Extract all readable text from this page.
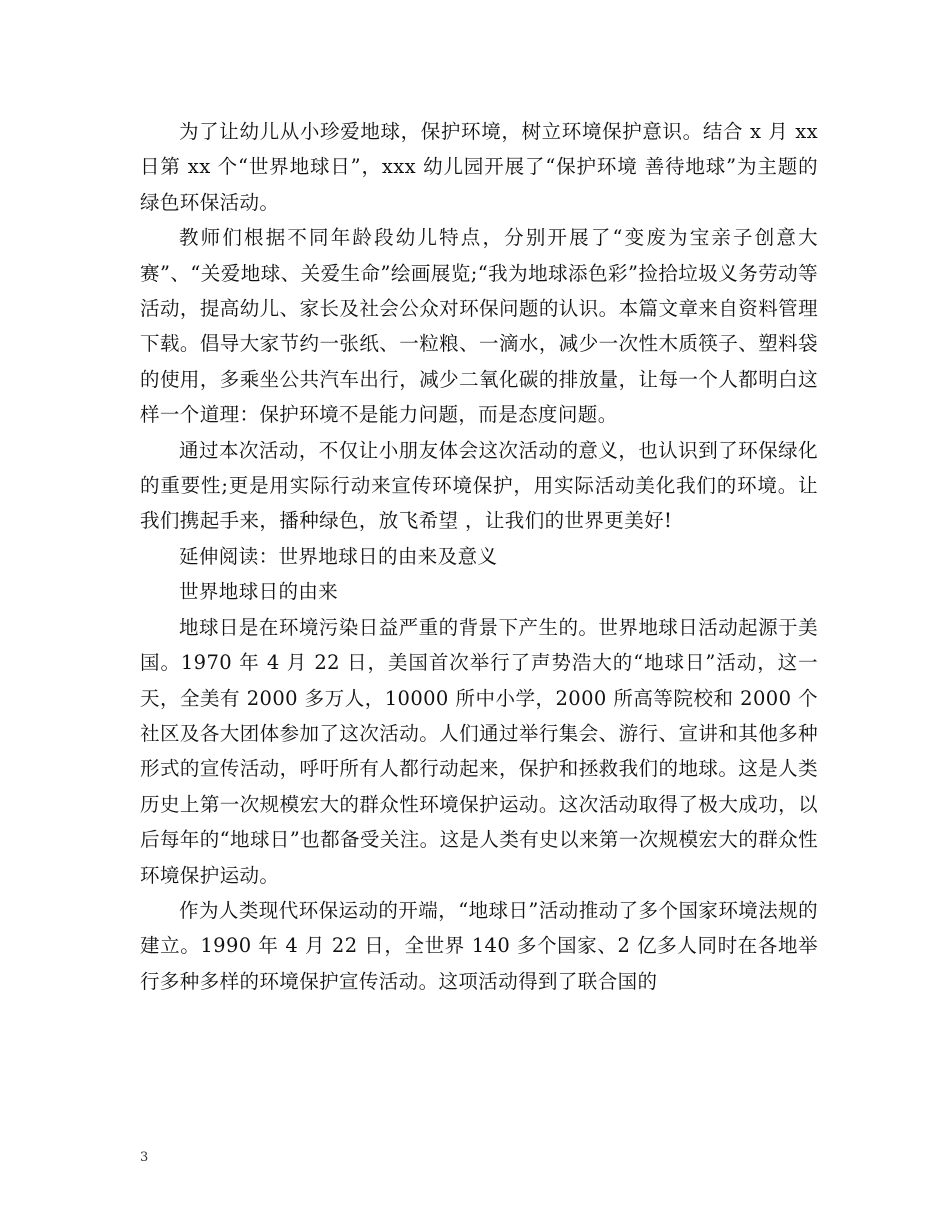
为了让幼儿从小珍爱地球，保护环境，树立环境保护意识。结合 x 月 xx 日第 xx 个“世界地球日”，xxx 幼儿园开展了“保护环境 善待地球”为主题的绿色环保活动。

教师们根据不同年龄段幼儿特点，分别开展了“变废为宝亲子创意大赛”、“关爱地球、关爱生命”绘画展览;“我为地球添色彩”捡拾垃圾义务劳动等活动，提高幼儿、家长及社会公众对环保问题的认识。本篇文章来自资料管理下载。倡导大家节约一张纸、一粒粮、一滴水，减少一次性木质筷子、塑料袋的使用，多乘坐公共汽车出行，减少二氧化碳的排放量，让每一个人都明白这样一个道理：保护环境不是能力问题，而是态度问题。

通过本次活动，不仅让小朋友体会这次活动的意义，也认识到了环保绿化的重要性;更是用实际行动来宣传环境保护，用实际活动美化我们的环境。让我们携起手来，播种绿色，放飞希望 ，让我们的世界更美好!

延伸阅读：世界地球日的由来及意义

世界地球日的由来

地球日是在环境污染日益严重的背景下产生的。世界地球日活动起源于美国。1970 年 4 月 22 日，美国首次举行了声势浩大的“地球日”活动，这一天，全美有 2000 多万人，10000 所中小学，2000 所高等院校和 2000 个社区及各大团体参加了这次活动。人们通过举行集会、游行、宣讲和其他多种形式的宣传活动，呼吁所有人都行动起来，保护和拯救我们的地球。这是人类历史上第一次规模宏大的群众性环境保护运动。这次活动取得了极大成功，以后每年的“地球日”也都备受关注。这是人类有史以来第一次规模宏大的群众性环境保护运动。

作为人类现代环保运动的开端，“地球日”活动推动了多个国家环境法规的建立。1990 年 4 月 22 日，全世界 140 多个国家、2 亿多人同时在各地举行多种多样的环境保护宣传活动。这项活动得到了联合国的

3
